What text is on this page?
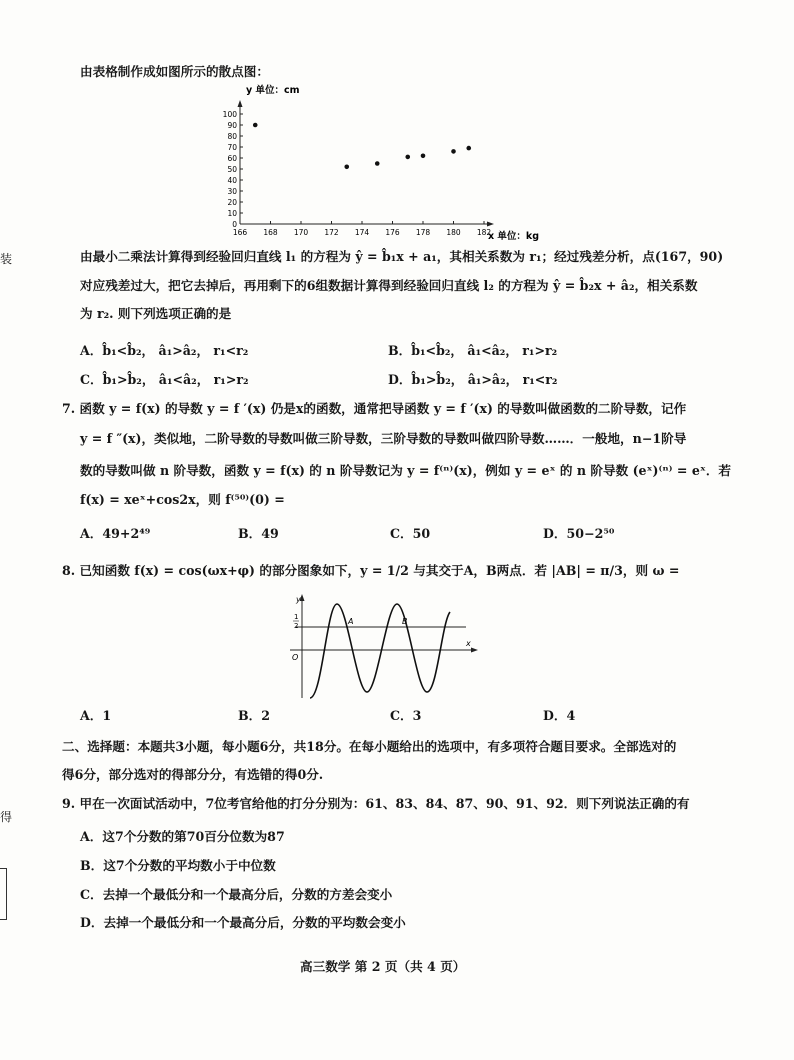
装
得
由表格制作成如图所示的散点图：
y 单位：cm
x 单位：kg
0
10
20
30
40
50
60
70
80
90
100
166 168 170 172 174 176 178 180 182
由最小二乘法计算得到经验回归直线 l₁ 的方程为 ŷ = b̂₁x + a₁，其相关系数为 r₁；经过残差分析，点(167，90)
对应残差过大，把它去掉后，再用剩下的6组数据计算得到经验回归直线 l₂ 的方程为 ŷ = b̂₂x + â₂，相关系数
为 r₂. 则下列选项正确的是
A．b̂₁<b̂₂， â₁>â₂， r₁<r₂	B．b̂₁<b̂₂， â₁<â₂， r₁>r₂
C．b̂₁>b̂₂， â₁<â₂， r₁>r₂	D．b̂₁>b̂₂， â₁>â₂， r₁<r₂
7. 函数 y = f(x) 的导数 y = f ′(x) 仍是x的函数，通常把导函数 y = f ′(x) 的导数叫做函数的二阶导数，记作
y = f ″(x)，类似地，二阶导数的导数叫做三阶导数，三阶导数的导数叫做四阶导数……．一般地，n−1阶导
数的导数叫做 n 阶导数，函数 y = f(x) 的 n 阶导数记为 y = f⁽ⁿ⁾(x)，例如 y = eˣ 的 n 阶导数 (eˣ)⁽ⁿ⁾ = eˣ．若
f(x) = xeˣ+cos2x，则 f⁽⁵⁰⁾(0) =
A．49+2⁴⁹	B．49	C．50	D．50−2⁵⁰
8. 已知函数 f(x) = cos(ωx+φ) 的部分图象如下，y = 1/2 与其交于A，B两点．若 |AB| = π/3，则 ω =
y
x
O
1
2	A	B
A．1	B．2	C．3	D．4
二、选择题：本题共3小题，每小题6分，共18分。在每小题给出的选项中，有多项符合题目要求。全部选对的
得6分，部分选对的得部分分，有选错的得0分.
9. 甲在一次面试活动中，7位考官给他的打分分别为：61、83、84、87、90、91、92．则下列说法正确的有
A．这7个分数的第70百分位数为87
B．这7个分数的平均数小于中位数
C．去掉一个最低分和一个最高分后，分数的方差会变小
D．去掉一个最低分和一个最高分后，分数的平均数会变小
高三数学 第 2 页（共 4 页）
